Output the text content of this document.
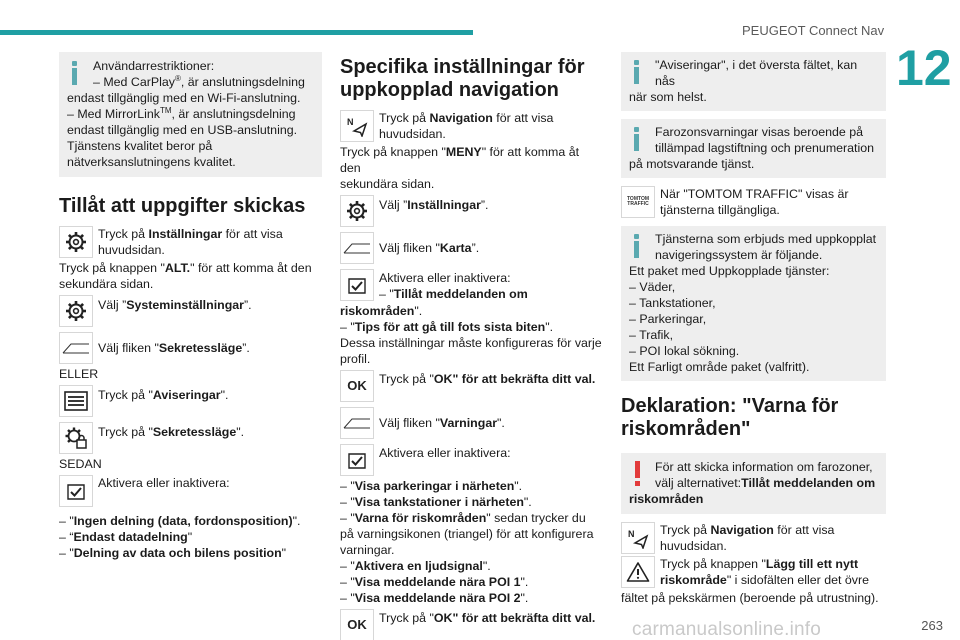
PEUGEOT Connect Nav
12

Användarrestriktioner:

– Med CarPlay®, är anslutningsdelning

endast tillgänglig med en Wi-Fi-anslutning.

– Med MirrorLink™, är anslutningsdelning

endast tillgänglig med en USB-anslutning.

Tjänstens kvalitet beror på

nätverksanslutningens kvalitet.

Tillåt att uppgifter skickas

Tryck på Inställningar för att visa

huvudsidan.

Tryck på knappen "ALT." för att komma åt den

sekundära sidan.

Välj ”Systeminställningar”.

Välj fliken "Sekretessläge”.

ELLER

Tryck på "Aviseringar".

Tryck på "Sekretessläge".

SEDAN

Aktivera eller inaktivera:

– "Ingen delning (data, fordonsposition)".

– “Endast datadelning"

– "Delning av data och bilens position"

Specifika inställningar för
uppkopplad navigation
N	Tryck på Navigation för att visa

huvudsidan.

Tryck på knappen "MENY" för att komma åt den

sekundära sidan.

Välj ”Inställningar”.

Välj fliken "Karta”.

Aktivera eller inaktivera:

– "Tillåt meddelanden om

riskområden".

– "Tips för att gå till fots sista biten".

Dessa inställningar måste konfigureras för varje

profil.

OK Tryck på "OK" för att bekräfta ditt val.

Välj fliken "Varningar".

Aktivera eller inaktivera:

– "Visa parkeringar i närheten".

– "Visa tankstationer i närheten".

– "Varna för riskområden" sedan trycker du

på varningsikonen (triangel) för att konfigurera

varningar.

– "Aktivera en ljudsignal".

– "Visa meddelande nära POI 1".

– "Visa meddelande nära POI 2".

OK Tryck på "OK" för att bekräfta ditt val.

"Aviseringar", i det översta fältet, kan nås

när som helst.

Farozonsvarningar visas beroende på

tillämpad lagstiftning och prenumeration

på motsvarande tjänst.

TOMTOM TRAFFIC

När "TOMTOM TRAFFIC" visas är

tjänsterna tillgängliga.

Tjänsterna som erbjuds med uppkopplat

navigeringssystem är följande.

Ett paket med Uppkopplade tjänster:

– Väder,

– Tankstationer,

– Parkeringar,

– Trafik,

– POI lokal sökning.

Ett Farligt område paket (valfritt).

Deklaration: "Varna för
riskområden"

För att skicka information om farozoner,

välj alternativet:Tillåt meddelanden om

riskområden

N	Tryck på Navigation för att visa

huvudsidan.

Tryck på knappen "Lägg till ett nytt

riskområde" i sidofälten eller det övre

fältet på pekskärmen (beroende på utrustning).

carmanualsonline.info	263
